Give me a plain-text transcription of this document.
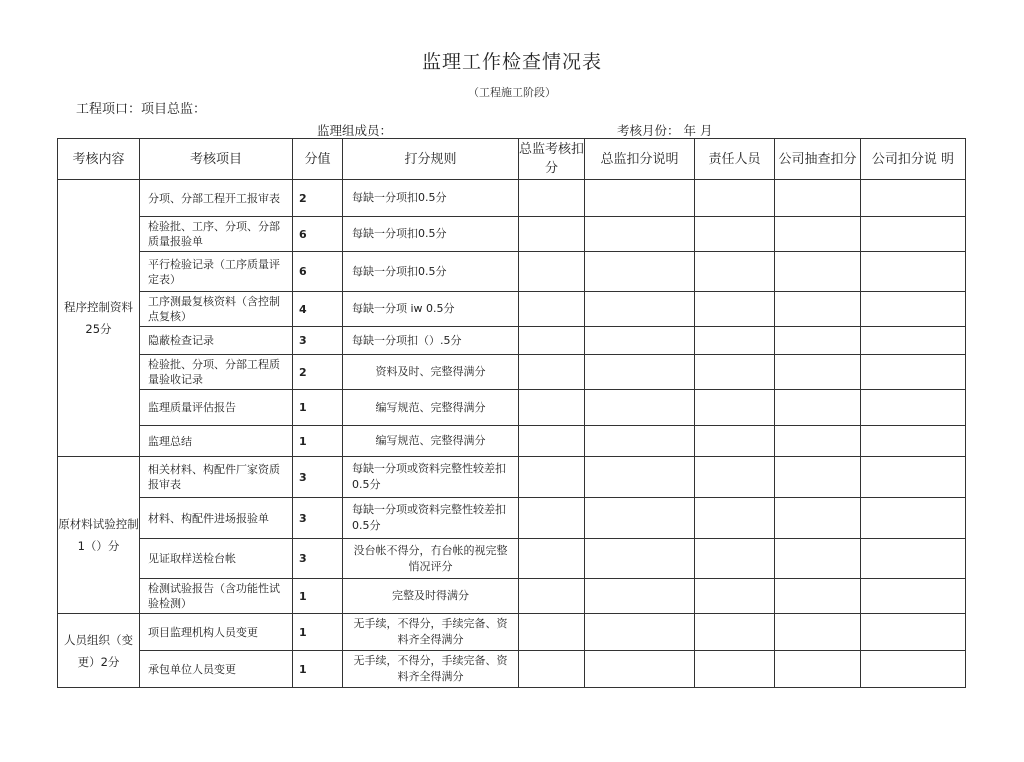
监理工作检查情况表
（工程施工阶段）
工程项口：项目总监：
监理组成员：	考核月份： 年 月
考核内容	考核项目	分值	打分规则	总监考核扣分	总监扣分说明	责任人员	公司抽查扣分	公司扣分说 明
程序控制资料 25分	分项、分部工程开工报审表	2	每缺一分项扣0.5分					
	检验批、工序、分项、分部质量报验单	6	每缺一分项扣0.5分					
	平行检验记录（工序质量评定表）	6	每缺一分项扣0.5分					
	工序测最复核资料（含控制点复核）	4	每缺一分项 iw 0.5分					
	隐蔽检查记录	3	每缺一分项扣（）.5分					
	检验批、分项、分部工程质量验收记录	2	资料及时、完整得满分					
	监理质量评估报告	1	编写规范、完整得满分					
	监理总结	1	编写规范、完整得满分					
原材料试验控制 1（）分	相关材料、构配件厂家资质报审表	3	每缺一分项或资料完整性较差扣0.5分					
	材料、构配件进场报验单	3	每缺一分项或资料完整性较差扣0.5分					
	见证取样送检台帐	3	没台帐不得分，冇台帐的视完整悄况评分					
	检测试验报告（含功能性试验检测）	1	完整及时得满分					
人员组织（变更）2分	项目监理机构人员变更	1	无手续，不得分，手续完备、资料齐全得满分					
	承包单位人员变更	1	无手续，不得分，手续完备、资料齐全得满分					
